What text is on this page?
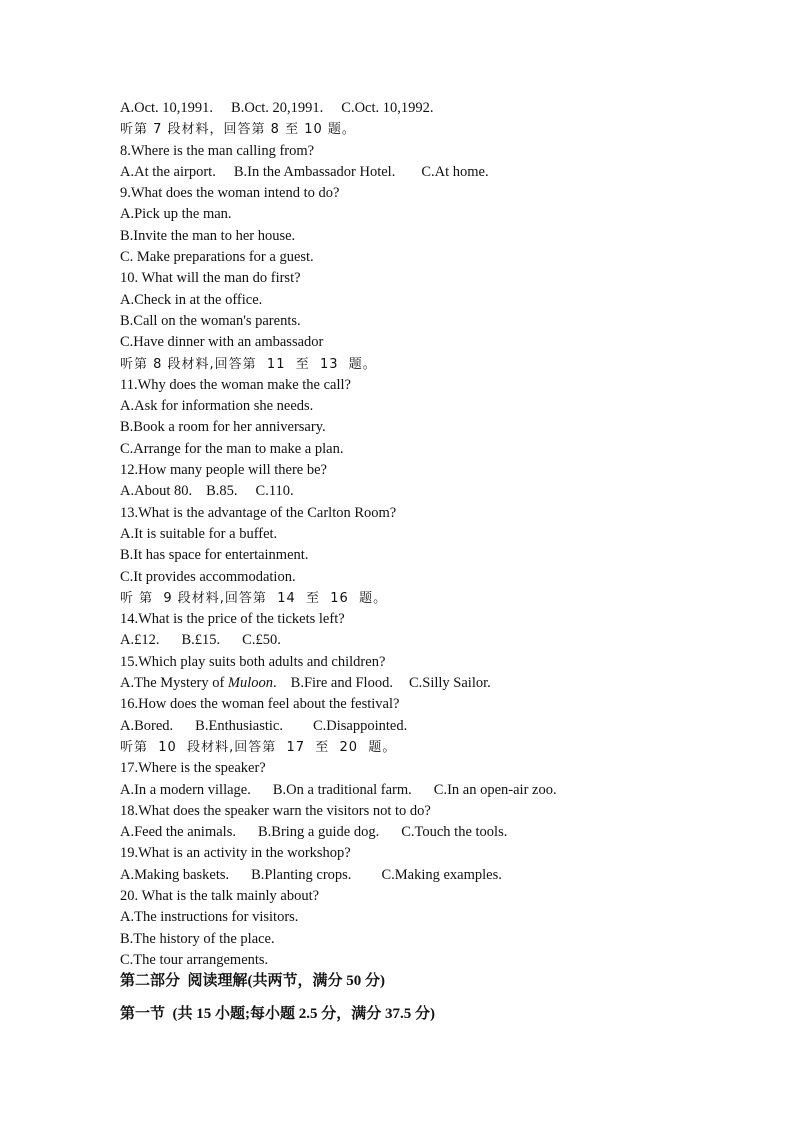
A.Oct. 10,1991. B.Oct. 20,1991. C.Oct. 10,1992.
听第 7 段材料，回答第 8 至 10 题。
8.Where is the man calling from?
A.At the airport. B.In the Ambassador Hotel. C.At home.
9.What does the woman intend to do?
A.Pick up the man.
B.Invite the man to her house.
C. Make preparations for a guest.
10. What will the man do first?
A.Check in at the office.
B.Call on the woman's parents.
C.Have dinner with an ambassador
听第 8 段材料,回答第  11  至  13  题。
11.Why does the woman make the call?
A.Ask for information she needs.
B.Book a room for her anniversary.
C.Arrange for the man to make a plan.
12.How many people will there be?
A.About 80. B.85. C.110.
13.What is the advantage of the Carlton Room?
A.It is suitable for a buffet.
B.It has space for entertainment.
C.It provides accommodation.
听 第  9 段材料,回答第  14  至  16  题。
14.What is the price of the tickets left?
A.£12. B.£15. C.£50.
15.Which play suits both adults and children?
A.The Mystery of Muloon. B.Fire and Flood. C.Silly Sailor.
16.How does the woman feel about the festival?
A.Bored. B.Enthusiastic. C.Disappointed.
听第  10  段材料,回答第  17  至  20  题。
17.Where is the speaker?
A.In a modern village. B.On a traditional farm. C.In an open-air zoo.
18.What does the speaker warn the visitors not to do?
A.Feed the animals. B.Bring a guide dog. C.Touch the tools.
19.What is an activity in the workshop?
A.Making baskets. B.Planting crops. C.Making examples.
20. What is the talk mainly about?
A.The instructions for visitors.
B.The history of the place.
C.The tour arrangements.
第二部分  阅读理解(共两节，满分 50 分)
第一节  (共 15 小题;每小题 2.5 分，满分 37.5 分)
